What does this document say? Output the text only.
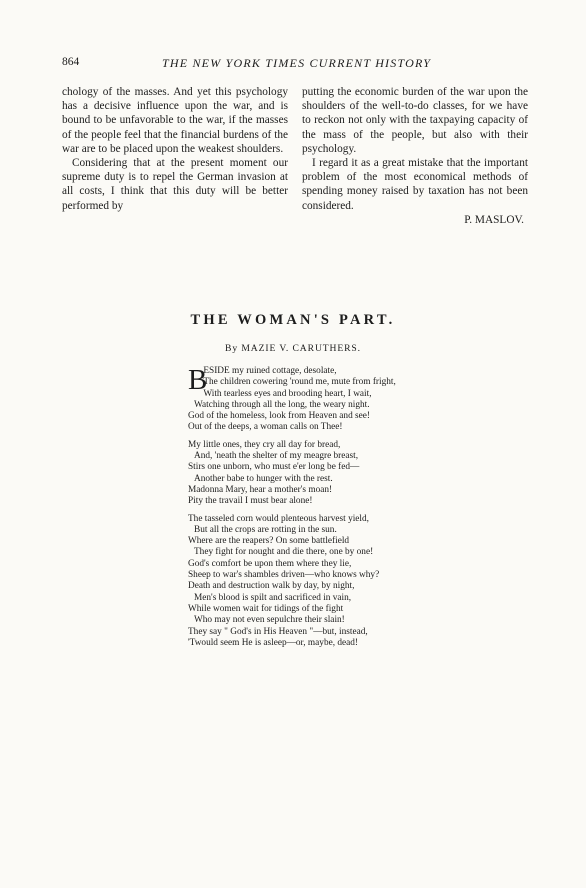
864	THE NEW YORK TIMES CURRENT HISTORY

chology of the masses. And yet this psychology has a decisive influence upon the war, and is bound to be unfavorable to the war, if the masses of the people feel that the financial burdens of the war are to be placed upon the weakest shoulders.

Considering that at the present moment our supreme duty is to repel the German invasion at all costs, I think that this duty will be better performed by

putting the economic burden of the war upon the shoulders of the well-to-do classes, for we have to reckon not only with the taxpaying capacity of the mass of the people, but also with their psychology.

I regard it as a great mistake that the important problem of the most economical methods of spending money raised by taxation has not been considered.

P. MASLOV.

THE WOMAN'S PART.
By MAZIE V. CARUTHERS.
B
ESIDE my ruined cottage, desolate,
The children cowering 'round me, mute from fright,
With tearless eyes and brooding heart, I wait,
Watching through all the long, the weary night.
God of the homeless, look from Heaven and see!
Out of the deeps, a woman calls on Thee!
My little ones, they cry all day for bread,
And, 'neath the shelter of my meagre breast,
Stirs one unborn, who must e'er long be fed—
Another babe to hunger with the rest.
Madonna Mary, hear a mother's moan!
Pity the travail I must bear alone!
The tasseled corn would plenteous harvest yield,
But all the crops are rotting in the sun.
Where are the reapers? On some battlefield
They fight for nought and die there, one by one!
God's comfort be upon them where they lie,
Sheep to war's shambles driven—who knows why?
Death and destruction walk by day, by night,
Men's blood is spilt and sacrificed in vain,
While women wait for tidings of the fight
Who may not even sepulchre their slain!
They say " God's in His Heaven "—but, instead,
'Twould seem He is asleep—or, maybe, dead!
